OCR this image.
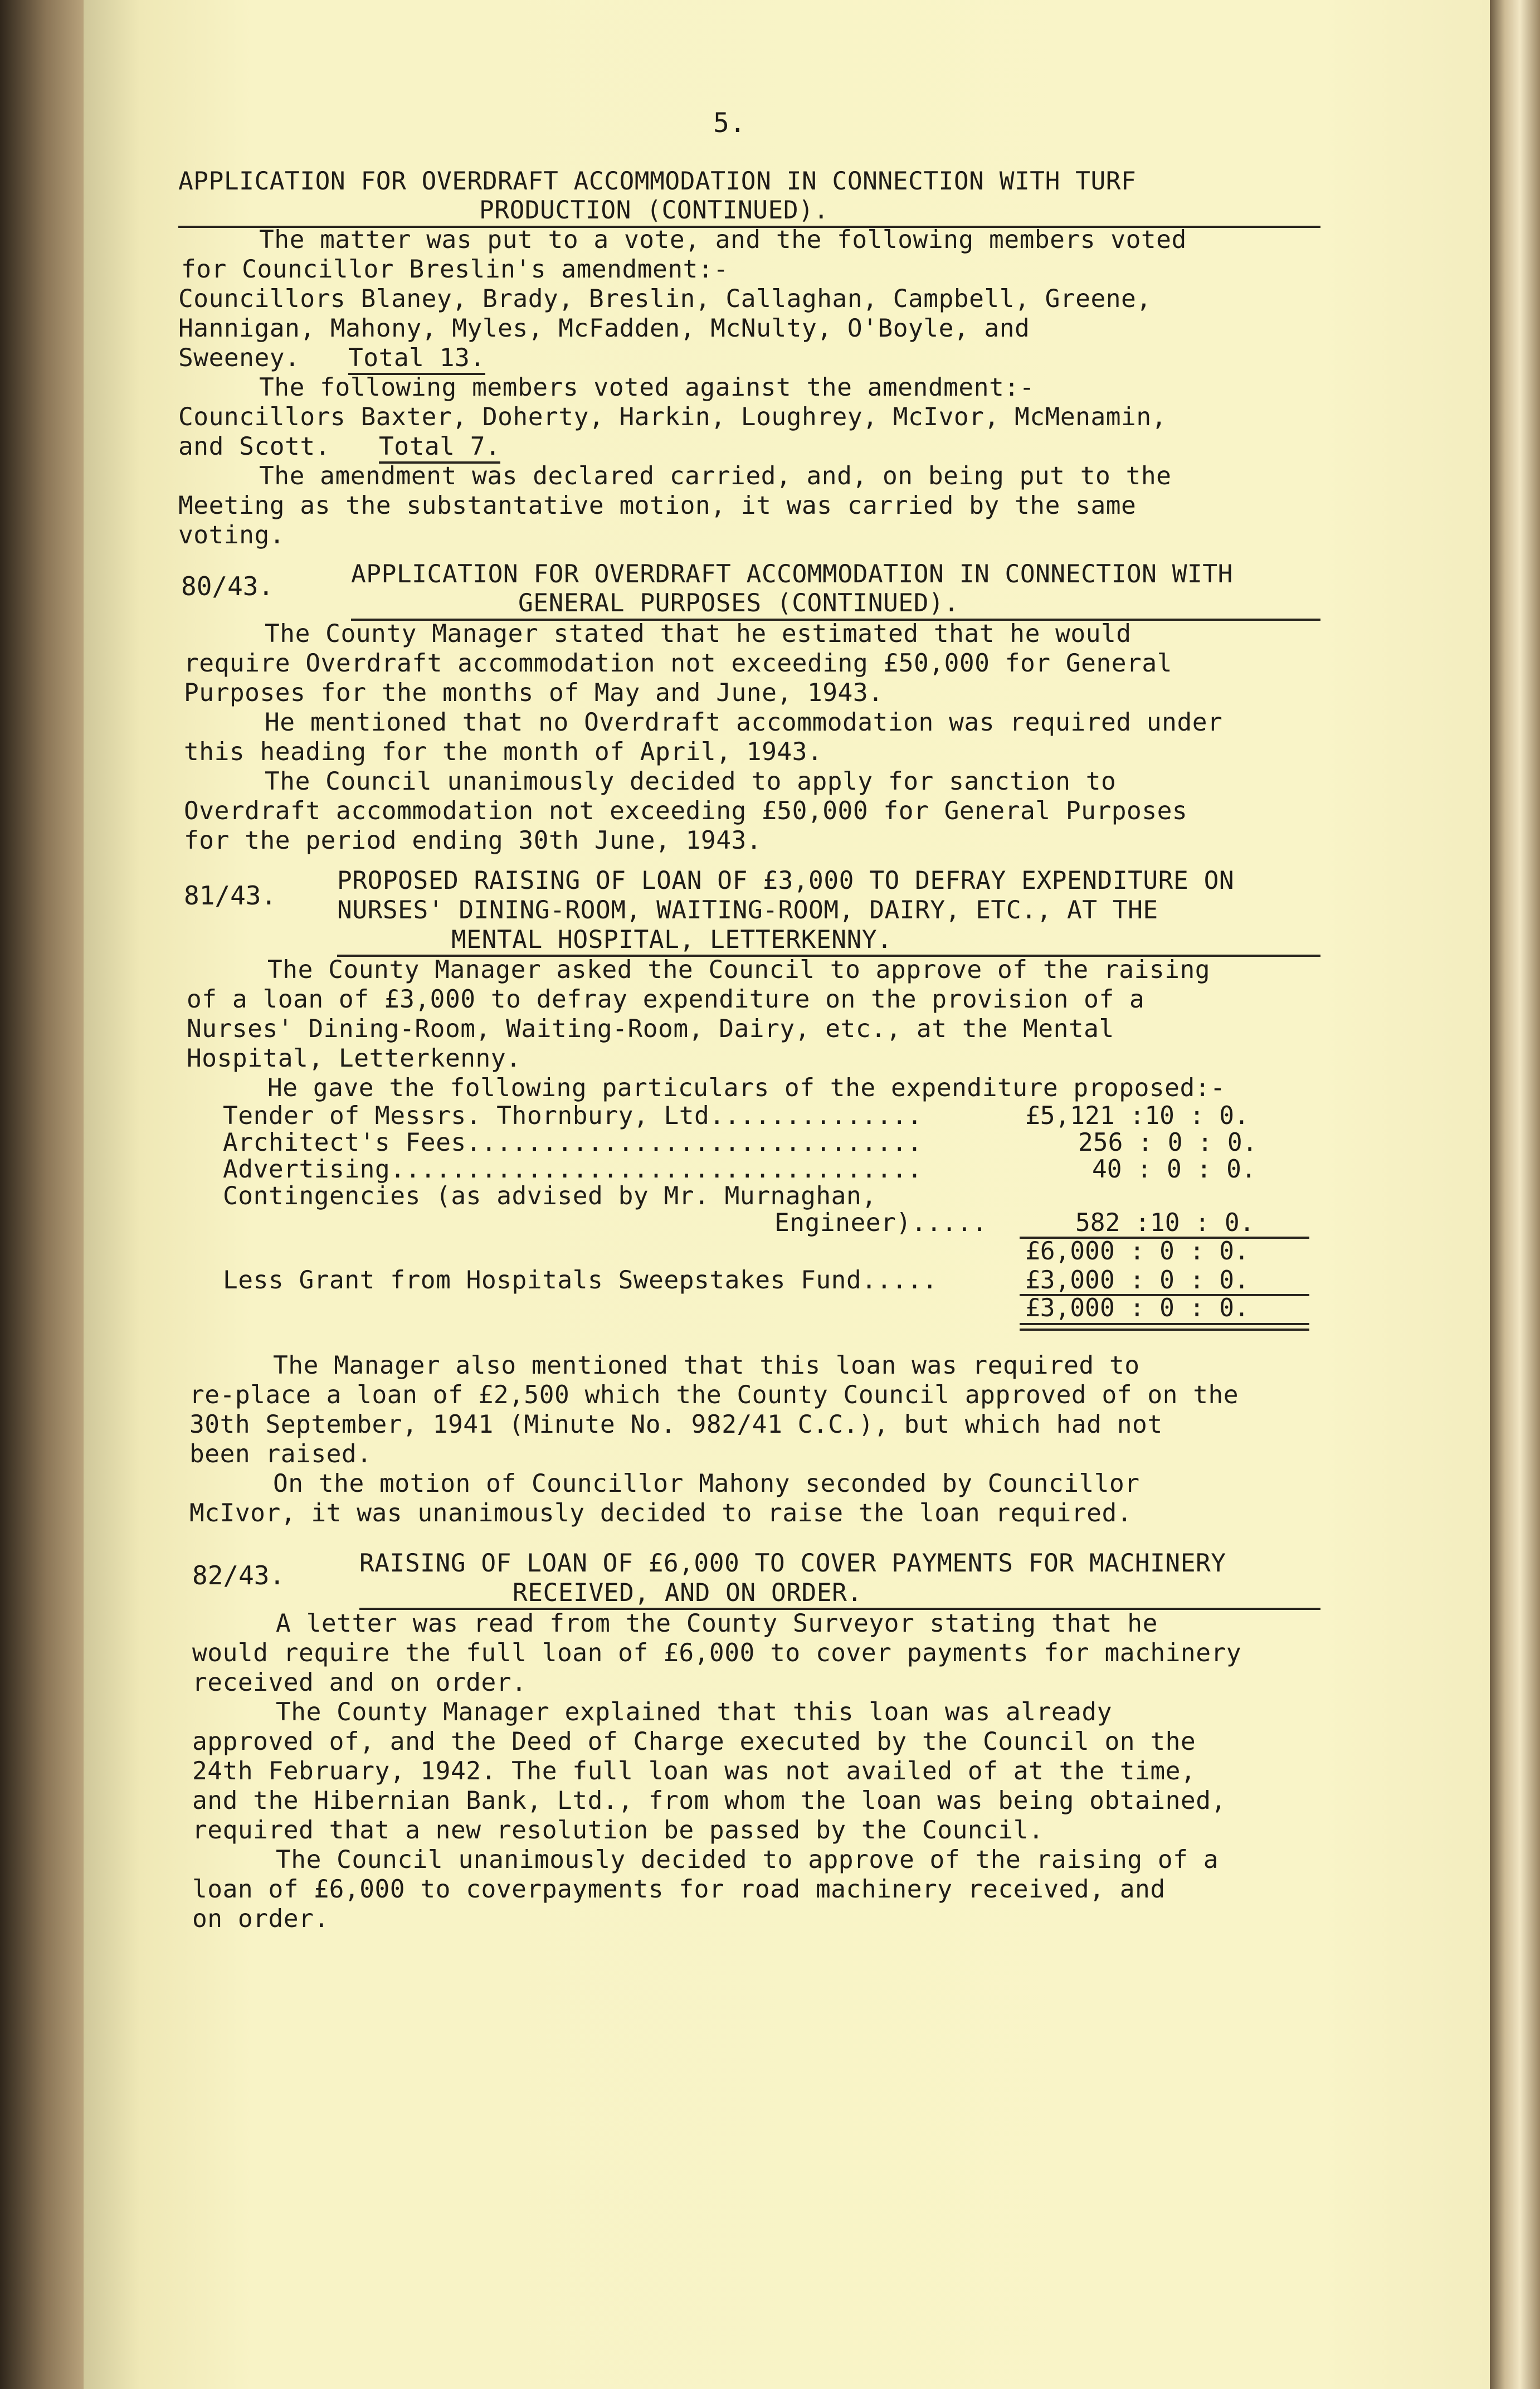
5.
APPLICATION FOR OVERDRAFT ACCOMMODATION IN CONNECTION WITH TURF
PRODUCTION (CONTINUED).
The matter was put to a vote, and the following members voted
for Councillor Breslin's amendment:-
Councillors Blaney, Brady, Breslin, Callaghan, Campbell, Greene,
Hannigan, Mahony, Myles, McFadden, McNulty, O'Boyle, and
Sweeney. Total 13.
The following members voted against the amendment:-
Councillors Baxter, Doherty, Harkin, Loughrey, McIvor, McMenamin,
and Scott. Total 7.
The amendment was declared carried, and, on being put to the
Meeting as the substantative motion, it was carried by the same
voting.
80/43.	APPLICATION FOR OVERDRAFT ACCOMMODATION IN CONNECTION WITH
GENERAL PURPOSES (CONTINUED).
The County Manager stated that he estimated that he would
require Overdraft accommodation not exceeding £50,000 for General
Purposes for the months of May and June, 1943.
He mentioned that no Overdraft accommodation was required under
this heading for the month of April, 1943.
The Council unanimously decided to apply for sanction to
Overdraft accommodation not exceeding £50,000 for General Purposes
for the period ending 30th June, 1943.
81/43. PROPOSED RAISING OF LOAN OF £3,000 TO DEFRAY EXPENDITURE ON
NURSES' DINING-ROOM, WAITING-ROOM, DAIRY, ETC., AT THE
MENTAL HOSPITAL, LETTERKENNY.
The County Manager asked the Council to approve of the raising
of a loan of £3,000 to defray expenditure on the provision of a
Nurses' Dining-Room, Waiting-Room, Dairy, etc., at the Mental
Hospital, Letterkenny.
He gave the following particulars of the expenditure proposed:-
Tender of Messrs. Thornbury, Ltd..............	£5,121 :10 : 0.
Architect's Fees..............................	256 : 0 : 0.
Advertising...................................	40 : 0 : 0.
Contingencies (as advised by Mr. Murnaghan,
Engineer).....	582 :10 : 0.
£6,000 : 0 : 0.
Less Grant from Hospitals Sweepstakes Fund.....	£3,000 : 0 : 0.
£3,000 : 0 : 0.
The Manager also mentioned that this loan was required to
re-place a loan of £2,500 which the County Council approved of on the
30th September, 1941 (Minute No. 982/41 C.C.), but which had not
been raised.
On the motion of Councillor Mahony seconded by Councillor
McIvor, it was unanimously decided to raise the loan required.
82/43.	RAISING OF LOAN OF £6,000 TO COVER PAYMENTS FOR MACHINERY
RECEIVED, AND ON ORDER.
A letter was read from the County Surveyor stating that he
would require the full loan of £6,000 to cover payments for machinery
received and on order.
The County Manager explained that this loan was already
approved of, and the Deed of Charge executed by the Council on the
24th February, 1942. The full loan was not availed of at the time,
and the Hibernian Bank, Ltd., from whom the loan was being obtained,
required that a new resolution be passed by the Council.
The Council unanimously decided to approve of the raising of a
loan of £6,000 to coverpayments for road machinery received, and
on order.
